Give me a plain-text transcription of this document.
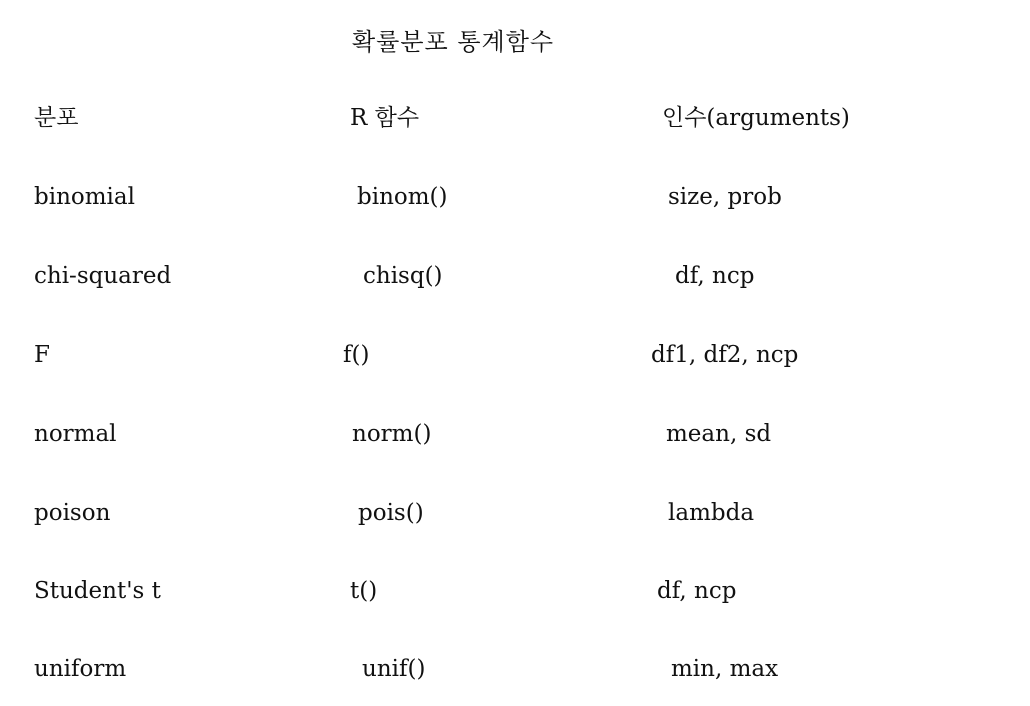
확률분포 통계함수
분포	R 함수	인수(arguments)
binomial	binom()	size, prob
chi-squared	chisq()	df, ncp
F	f()	df1, df2, ncp
normal	norm()	mean, sd
poison	pois()	lambda
Student's t	t()	df, ncp
uniform	unif()	min, max
